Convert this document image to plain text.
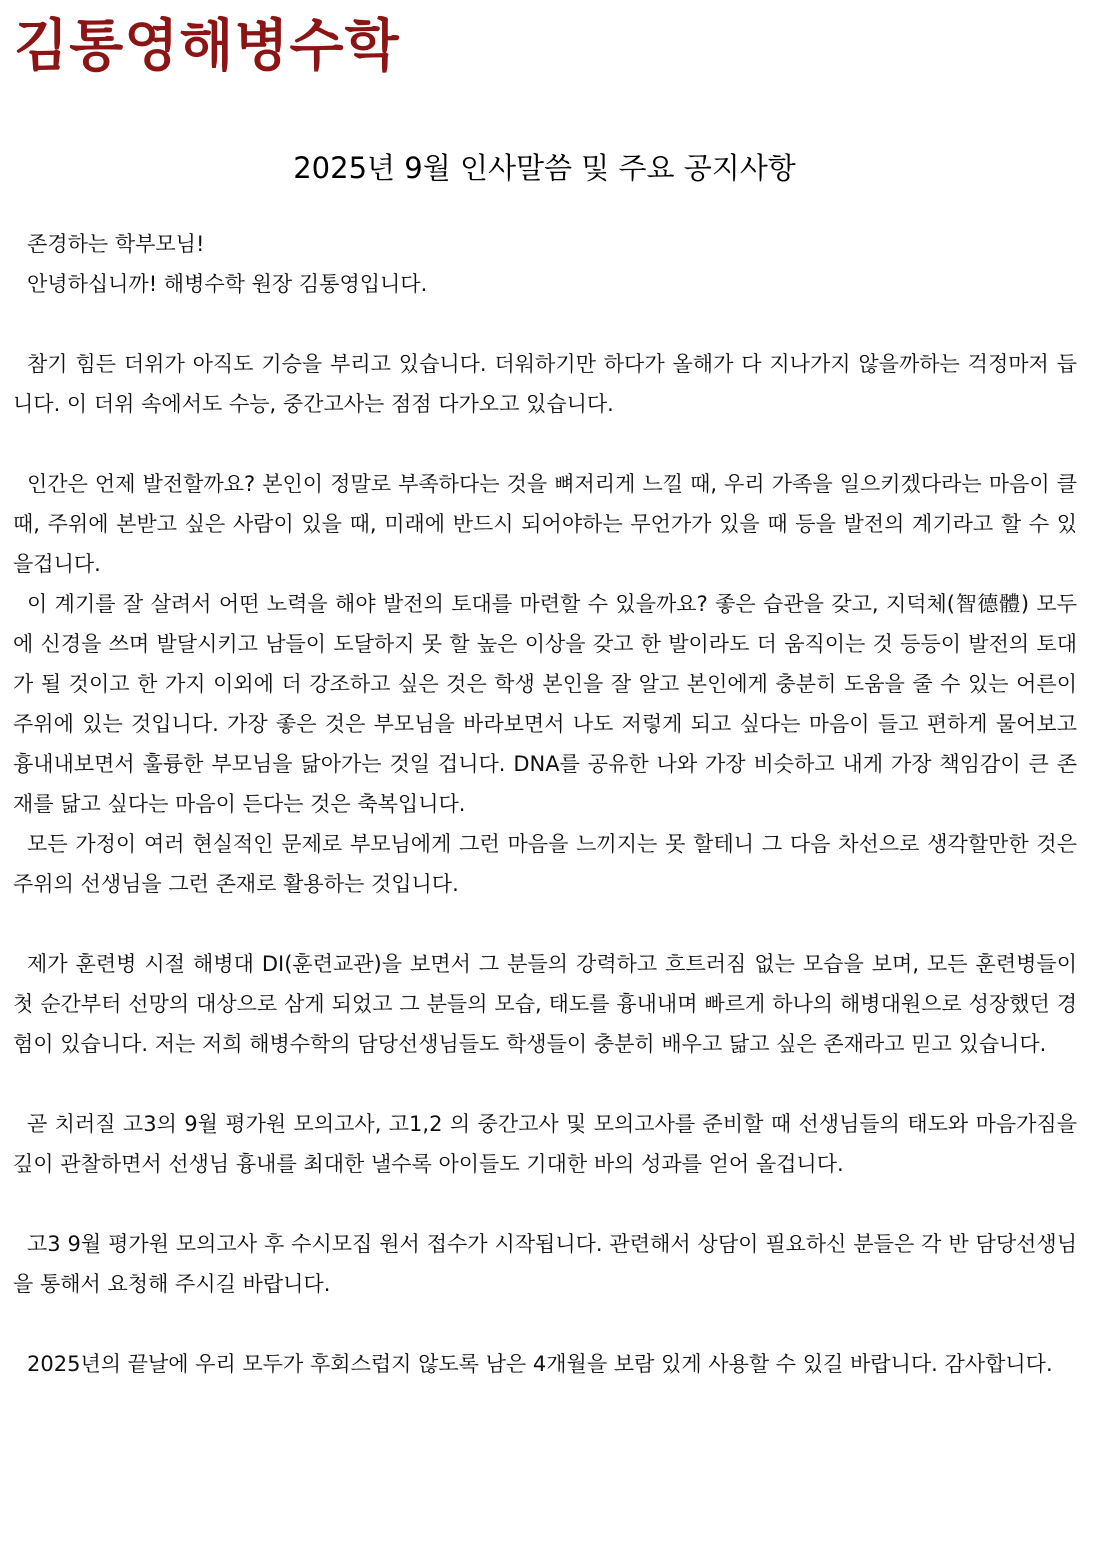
김통영해병수학
2025년 9월 인사말씀 및 주요 공지사항

존경하는 학부모님!

안녕하십니까! 해병수학 원장 김통영입니다.

참기 힘든 더위가 아직도 기승을 부리고 있습니다. 더워하기만 하다가 올해가 다 지나가지 않을까하는 걱정마저 듭니다. 이 더위 속에서도 수능, 중간고사는 점점 다가오고 있습니다.

인간은 언제 발전할까요? 본인이 정말로 부족하다는 것을 뼈저리게 느낄 때, 우리 가족을 일으키겠다라는 마음이 클 때, 주위에 본받고 싶은 사람이 있을 때, 미래에 반드시 되어야하는 무언가가 있을 때 등을 발전의 계기라고 할 수 있을겁니다.

이 계기를 잘 살려서 어떤 노력을 해야 발전의 토대를 마련할 수 있을까요? 좋은 습관을 갖고, 지덕체(智德體) 모두에 신경을 쓰며 발달시키고 남들이 도달하지 못 할 높은 이상을 갖고 한 발이라도 더 움직이는 것 등등이 발전의 토대가 될 것이고 한 가지 이외에 더 강조하고 싶은 것은 학생 본인을 잘 알고 본인에게 충분히 도움을 줄 수 있는 어른이 주위에 있는 것입니다. 가장 좋은 것은 부모님을 바라보면서 나도 저렇게 되고 싶다는 마음이 들고 편하게 물어보고 흉내내보면서 훌륭한 부모님을 닮아가는 것일 겁니다. DNA를 공유한 나와 가장 비슷하고 내게 가장 책임감이 큰 존재를 닮고 싶다는 마음이 든다는 것은 축복입니다.

모든 가정이 여러 현실적인 문제로 부모님에게 그런 마음을 느끼지는 못 할테니 그 다음 차선으로 생각할만한 것은 주위의 선생님을 그런 존재로 활용하는 것입니다.

제가 훈련병 시절 해병대 DI(훈련교관)을 보면서 그 분들의 강력하고 흐트러짐 없는 모습을 보며, 모든 훈련병들이 첫 순간부터 선망의 대상으로 삼게 되었고 그 분들의 모습, 태도를 흉내내며 빠르게 하나의 해병대원으로 성장했던 경험이 있습니다. 저는 저희 해병수학의 담당선생님들도 학생들이 충분히 배우고 닮고 싶은 존재라고 믿고 있습니다.

곧 치러질 고3의 9월 평가원 모의고사, 고1,2 의 중간고사 및 모의고사를 준비할 때 선생님들의 태도와 마음가짐을 깊이 관찰하면서 선생님 흉내를 최대한 낼수록 아이들도 기대한 바의 성과를 얻어 올겁니다.

고3 9월 평가원 모의고사 후 수시모집 원서 접수가 시작됩니다. 관련해서 상담이 필요하신 분들은 각 반 담당선생님을 통해서 요청해 주시길 바랍니다.

2025년의 끝날에 우리 모두가 후회스럽지 않도록 남은 4개월을 보람 있게 사용할 수 있길 바랍니다. 감사합니다.
